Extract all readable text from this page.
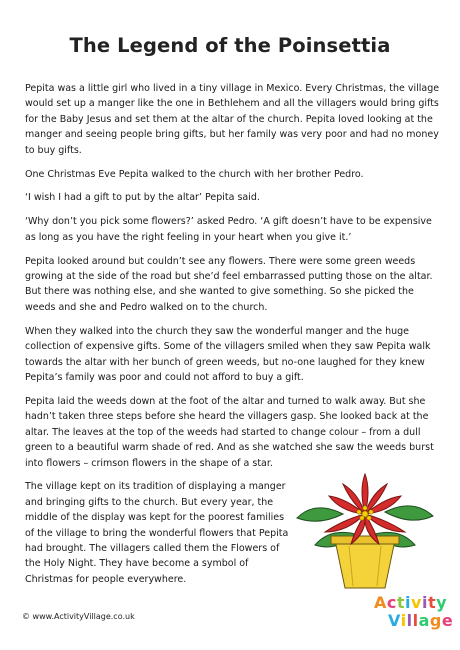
The Legend of the Poinsettia

Pepita was a little girl who lived in a tiny village in Mexico. Every Christmas, the village would set up a manger like the one in Bethlehem and all the villagers would bring gifts for the Baby Jesus and set them at the altar of the church. Pepita loved looking at the manger and seeing people bring gifts, but her family was very poor and had no money to buy gifts.

One Christmas Eve Pepita walked to the church with her brother Pedro.

‘I wish I had a gift to put by the altar’ Pepita said.

‘Why don’t you pick some flowers?’ asked Pedro. ‘A gift doesn’t have to be expensive as long as you have the right feeling in your heart when you give it.’

Pepita looked around but couldn’t see any flowers. There were some green weeds growing at the side of the road but she’d feel embarrassed putting those on the altar. But there was nothing else, and she wanted to give something. So she picked the weeds and she and Pedro walked on to the church.

When they walked into the church they saw the wonderful manger and the huge collection of expensive gifts. Some of the villagers smiled when they saw Pepita walk towards the altar with her bunch of green weeds, but no-one laughed for they knew Pepita’s family was poor and could not afford to buy a gift.

Pepita laid the weeds down at the foot of the altar and turned to walk away. But she hadn’t taken three steps before she heard the villagers gasp. She looked back at the altar. The leaves at the top of the weeds had started to change colour – from a dull green to a beautiful warm shade of red. And as she watched she saw the weeds burst into flowers – crimson flowers in the shape of a star.

The village kept on its tradition of displaying a manger and bringing gifts to the church. But every year, the middle of the display was kept for the poorest families of the village to bring the wonderful flowers that Pepita had brought. The villagers called them the Flowers of the Holy Night. They have become a symbol of Christmas for people everywhere.

© www.ActivityVillage.co.uk
Activity
Village
